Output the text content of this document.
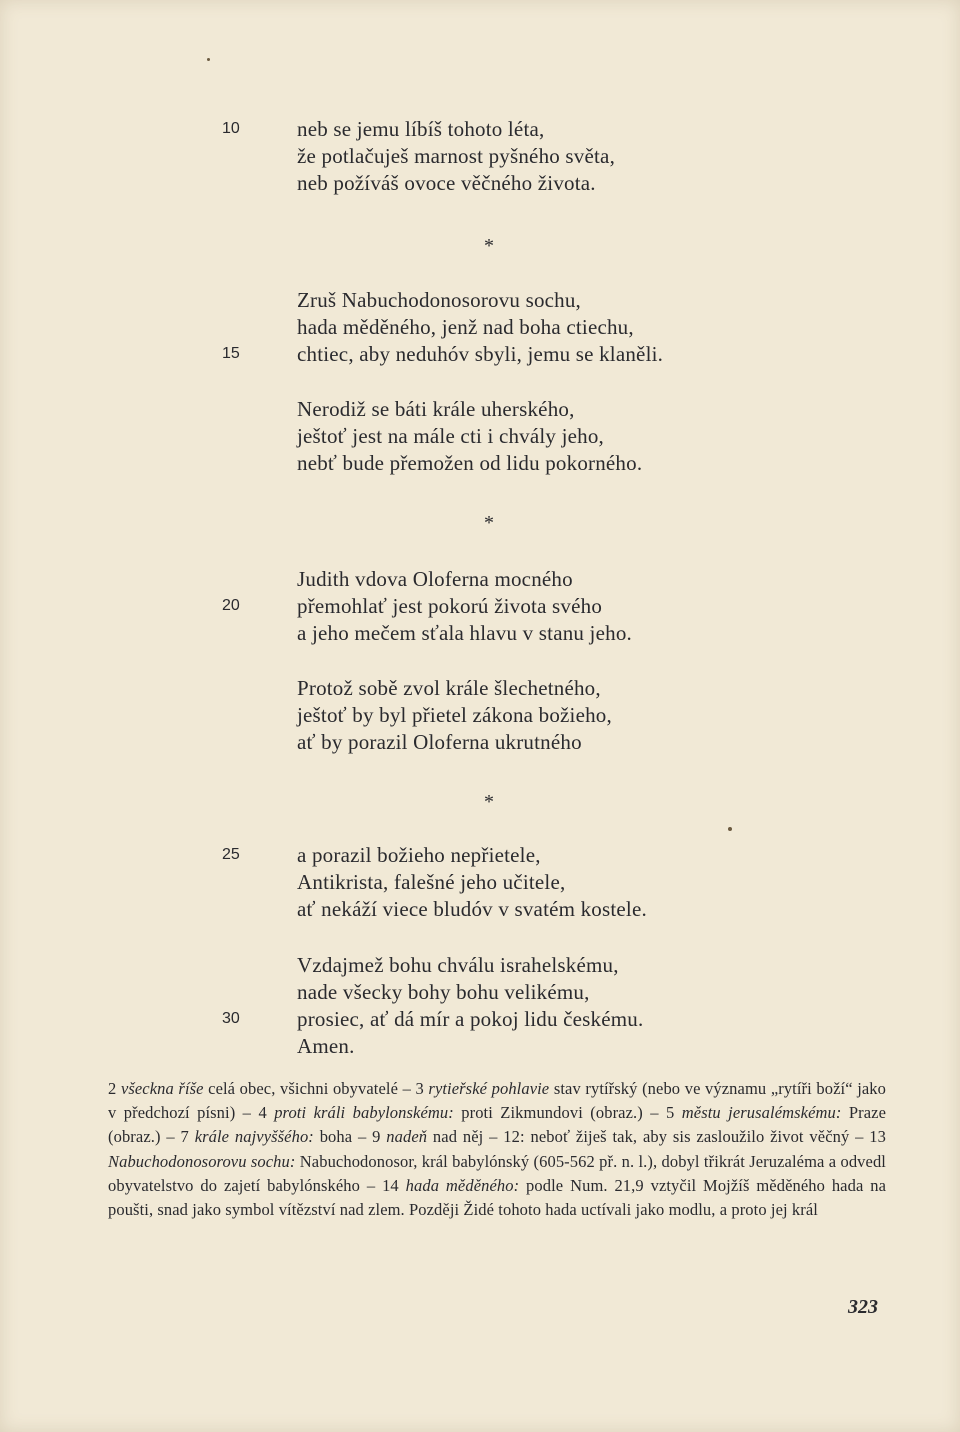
10	neb se jemu líbíš tohoto léta,
že potlačuješ marnost pyšného světa,
neb požíváš ovoce věčného života.
*
Zruš Nabuchodonosorovu sochu,
hada měděného, jenž nad boha ctiechu,
15	chtiec, aby neduhóv sbyli, jemu se klaněli.
Nerodiž se báti krále uherského,
ještoť jest na mále cti i chvály jeho,
nebť bude přemožen od lidu pokorného.
*
Judith vdova Oloferna mocného
20	přemohlať jest pokorú života svého
a jeho mečem sťala hlavu v stanu jeho.
Protož sobě zvol krále šlechetného,
ještoť by byl přietel zákona božieho,
ať by porazil Oloferna ukrutného
*
25	a porazil božieho nepřietele,
Antikrista, falešné jeho učitele,
ať nekáží viece bludóv v svatém kostele.
Vzdajmež bohu chválu israhelskému,
nade všecky bohy bohu velikému,
30	prosiec, ať dá mír a pokoj lidu českému.
Amen.

2 všeckna říše celá obec, všichni obyvatelé – 3 rytieřské pohlavie stav rytířský (nebo ve významu „rytíři boží“ jako v předchozí písni) – 4 proti králi babylonskému: proti Zikmundovi (obraz.) – 5 městu jerusalémskému: Praze (obraz.) – 7 krále najvyššého: boha – 9 nadeň nad něj – 12: neboť žiješ tak, aby sis zasloužilo život věčný – 13 Nabuchodonosorovu sochu: Nabuchodonosor, král babylónský (605-562 př. n. l.), dobyl třikrát Jeruzaléma a odvedl obyvatelstvo do zajetí babylónského – 14 hada měděného: podle Num. 21,9 vztyčil Mojžíš měděného hada na poušti, snad jako symbol vítězství nad zlem. Později Židé tohoto hada uctívali jako modlu, a proto jej král

323
